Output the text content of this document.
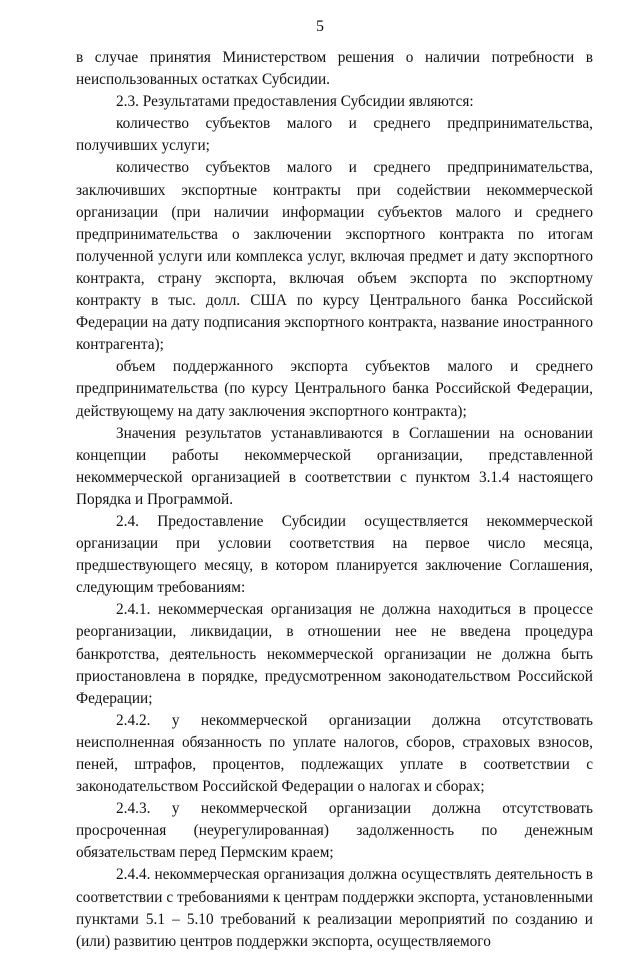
5

в случае принятия Министерством решения о наличии потребности в неиспользованных остатках Субсидии.

2.3. Результатами предоставления Субсидии являются:

количество субъектов малого и среднего предпринимательства, получивших услуги;

количество субъектов малого и среднего предпринимательства, заключивших экспортные контракты при содействии некоммерческой организации (при наличии информации субъектов малого и среднего предпринимательства о заключении экспортного контракта по итогам полученной услуги или комплекса услуг, включая предмет и дату экспортного контракта, страну экспорта, включая объем экспорта по экспортному контракту в тыс. долл. США по курсу Центрального банка Российской Федерации на дату подписания экспортного контракта, название иностранного контрагента);

объем поддержанного экспорта субъектов малого и среднего предпринимательства (по курсу Центрального банка Российской Федерации, действующему на дату заключения экспортного контракта);

Значения результатов устанавливаются в Соглашении на основании концепции работы некоммерческой организации, представленной некоммерческой организацией в соответствии с пунктом 3.1.4 настоящего Порядка и Программой.

2.4. Предоставление Субсидии осуществляется некоммерческой организации при условии соответствия на первое число месяца, предшествующего месяцу, в котором планируется заключение Соглашения, следующим требованиям:

2.4.1. некоммерческая организация не должна находиться в процессе реорганизации, ликвидации, в отношении нее не введена процедура банкротства, деятельность некоммерческой организации не должна быть приостановлена в порядке, предусмотренном законодательством Российской Федерации;

2.4.2. у некоммерческой организации должна отсутствовать неисполненная обязанность по уплате налогов, сборов, страховых взносов, пеней, штрафов, процентов, подлежащих уплате в соответствии с законодательством Российской Федерации о налогах и сборах;

2.4.3. у некоммерческой организации должна отсутствовать просроченная (неурегулированная) задолженность по денежным обязательствам перед Пермским краем;

2.4.4. некоммерческая организация должна осуществлять деятельность в соответствии с требованиями к центрам поддержки экспорта, установленными пунктами 5.1 – 5.10 требований к реализации мероприятий по созданию и (или) развитию центров поддержки экспорта, осуществляемого
